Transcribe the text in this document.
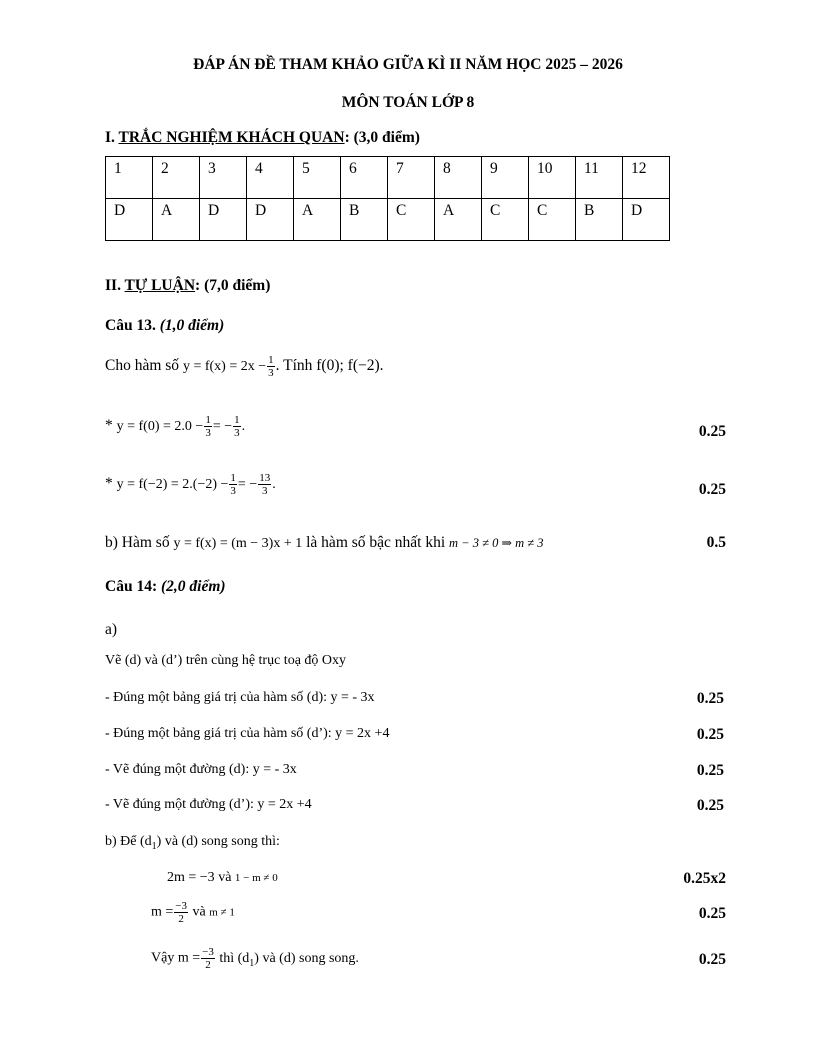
ĐÁP ÁN ĐỀ THAM KHẢO GIỮA KÌ II NĂM HỌC 2025 – 2026
MÔN TOÁN LỚP 8
I. TRẮC NGHIỆM KHÁCH QUAN: (3,0 điểm)
1	2	3	4	5	6	7	8	9	10	11	12
D	A	D	D	A	B	C	A	C	C	B	D
II. TỰ LUẬN: (7,0 điểm)
Câu 13. (1,0 điểm)
Cho hàm số $y = f(x) = 2x - \frac{1}{3}$ . Tính f(0); f(−2).
* $y = f(0) = 2.0 - \frac{1}{3}$ = − $\frac{1}{3}$ .	0.25
* $y = f(-2) = 2.(-2) - \frac{1}{3}$ = − $\frac{13}{3}$ .	0.25
b) Hàm số y = f(x) = (m − 3)x + 1 là hàm số bậc nhất khi m − 3 ≠ 0 ⇒ m ≠ 3	0.5
Câu 14: (2,0 điểm)
a)
Vẽ (d) và (d’) trên cùng hệ trục toạ độ Oxy
- Đúng một bảng giá trị của hàm số (d): y = - 3x	0.25
- Đúng một bảng giá trị của hàm số (d’): y = 2x +4	0.25
- Vẽ đúng một đường (d): y = - 3x	0.25
- Vẽ đúng một đường (d’): y = 2x +4	0.25
b) Để $(d_1)$ và (d) song song thì:
2m = −3 và 1 − m ≠ 0	0.25x2
$m = \frac{-3}{2}$ và m ≠ 1	0.25
Vậy $m = \frac{-3}{2}$ thì $(d_1)$ và (d) song song.	0.25
